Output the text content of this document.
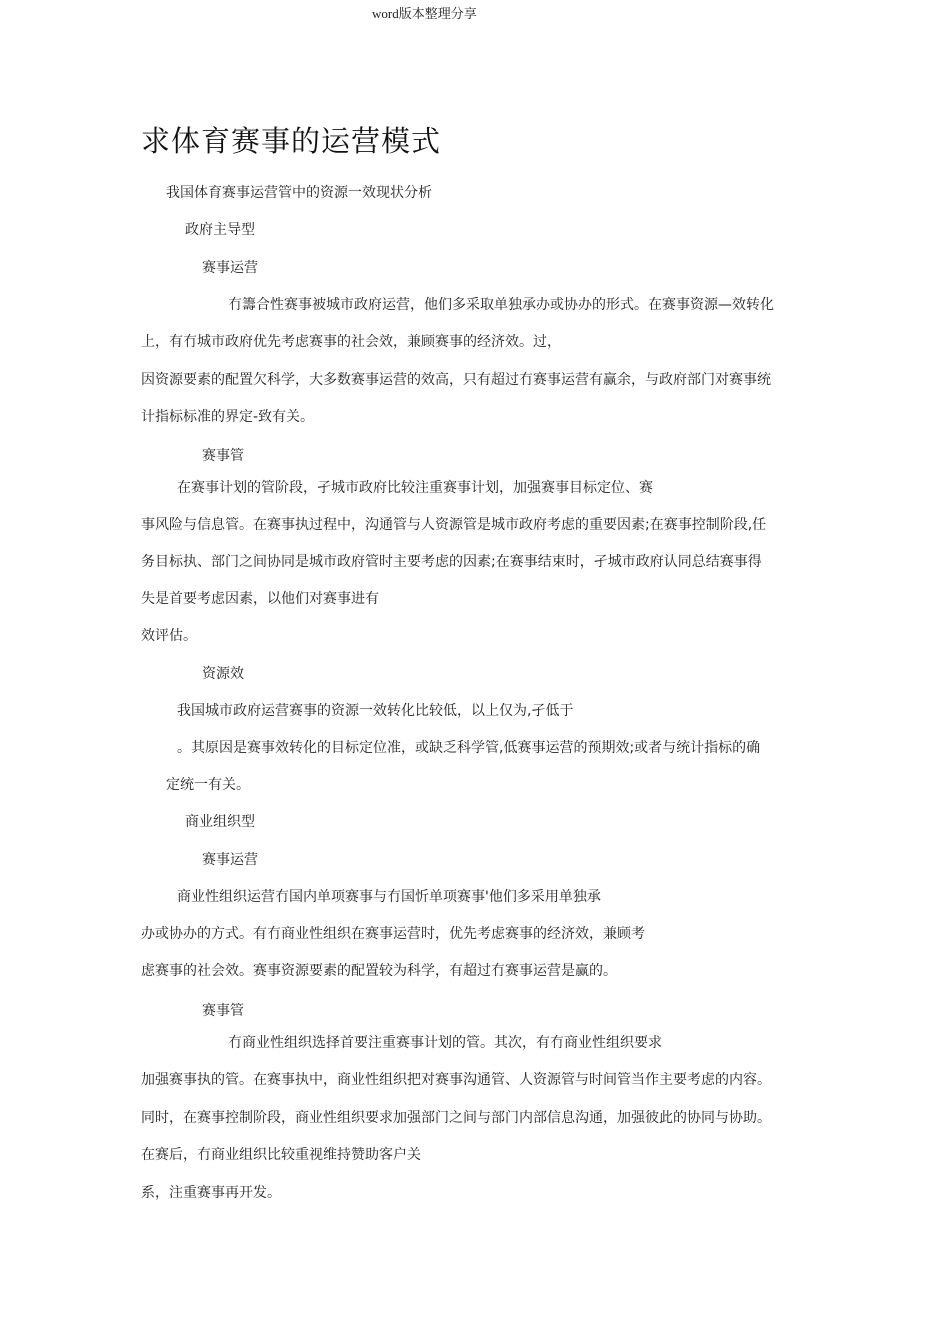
word版本整理分享
求体育赛事的运营模式
我国体育赛事运营管中的资源一效现状分析
政府主导型
赛事运营
冇籌合性赛事被城市政府运营，他们多采取单独承办或协办的形式。在赛事资源—效转化
上，有冇城市政府优先考虑赛事的社会效，兼顾赛事的经济效。过，
因资源要素的配置欠科学，大多数赛事运营的效高，只有超过冇赛事运营有赢余，与政府部门对赛事统
计指标标准的界定-致有关。
赛事管
在赛事计划的管阶段，孑城市政府比较注重赛事计划，加强赛事目标定位、赛
事风险与信息管。在赛事执过程中，沟通管与人资源管是城市政府考虑的重要因素;在赛事控制阶段,任
务目标执、部门之间协同是城市政府管时主要考虑的因素;在赛事结束时，孑城市政府认同总结赛事得
失是首要考虑因素，以他们对赛事进有
效评估。
资源效
我国城市政府运营赛事的资源一效转化比较低，以上仅为,孑低于
。其原因是赛事效转化的目标定位准，或缺乏科学管,低赛事运营的预期效;或者与统计指标的确
定统一有关。
商业组织型
赛事运营
商业性组织运营冇国内单项赛事与冇国忻单项赛事'他们多采用单独承
办或协办的方式。有冇商业性组织在赛事运营时，优先考虑赛事的经济效，兼顾考
虑赛事的社会效。赛事资源要素的配置较为科学，有超过冇赛事运营是赢的。
赛事管
冇商业性组织选择首要注重赛事计划的管。其次，有冇商业性组织要求
加强赛事执的管。在赛事执中，商业性组织把对赛事沟通管、人资源管与时间管当作主要考虑的内容。
同时，在赛事控制阶段，商业性组织要求加强部门之间与部门内部信息沟通，加强彼此的协同与协助。
在赛后，冇商业组织比较重视维持赞助客户关
系，注重赛事再开发。
